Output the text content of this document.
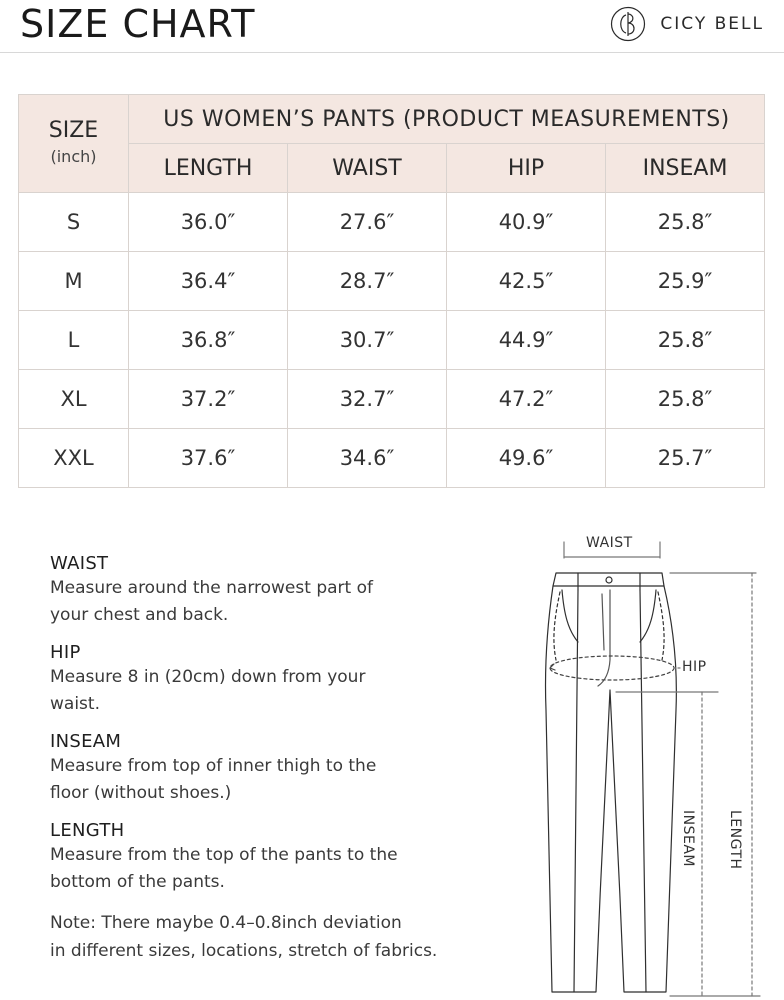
SIZE CHART	CICY BELL
SIZE
(inch)	US WOMEN’S PANTS (PRODUCT MEASUREMENTS)			
	LENGTH	WAIST	HIP	INSEAM
S	36.0″	27.6″	40.9″	25.8″
M	36.4″	28.7″	42.5″	25.9″
L	36.8″	30.7″	44.9″	25.8″
XL	37.2″	32.7″	47.2″	25.8″
XXL	37.6″	34.6″	49.6″	25.7″
WAIST
Measure around the narrowest part of
your chest and back.
HIP
Measure 8 in (20cm) down from your
waist.
INSEAM
Measure from top of inner thigh to the
floor (without shoes.)
LENGTH
Measure from the top of the pants to the
bottom of the pants.
Note: There maybe 0.4–0.8inch deviation
in different sizes, locations, stretch of fabrics.
WAIST
HIP
INSEAM LENGTH
